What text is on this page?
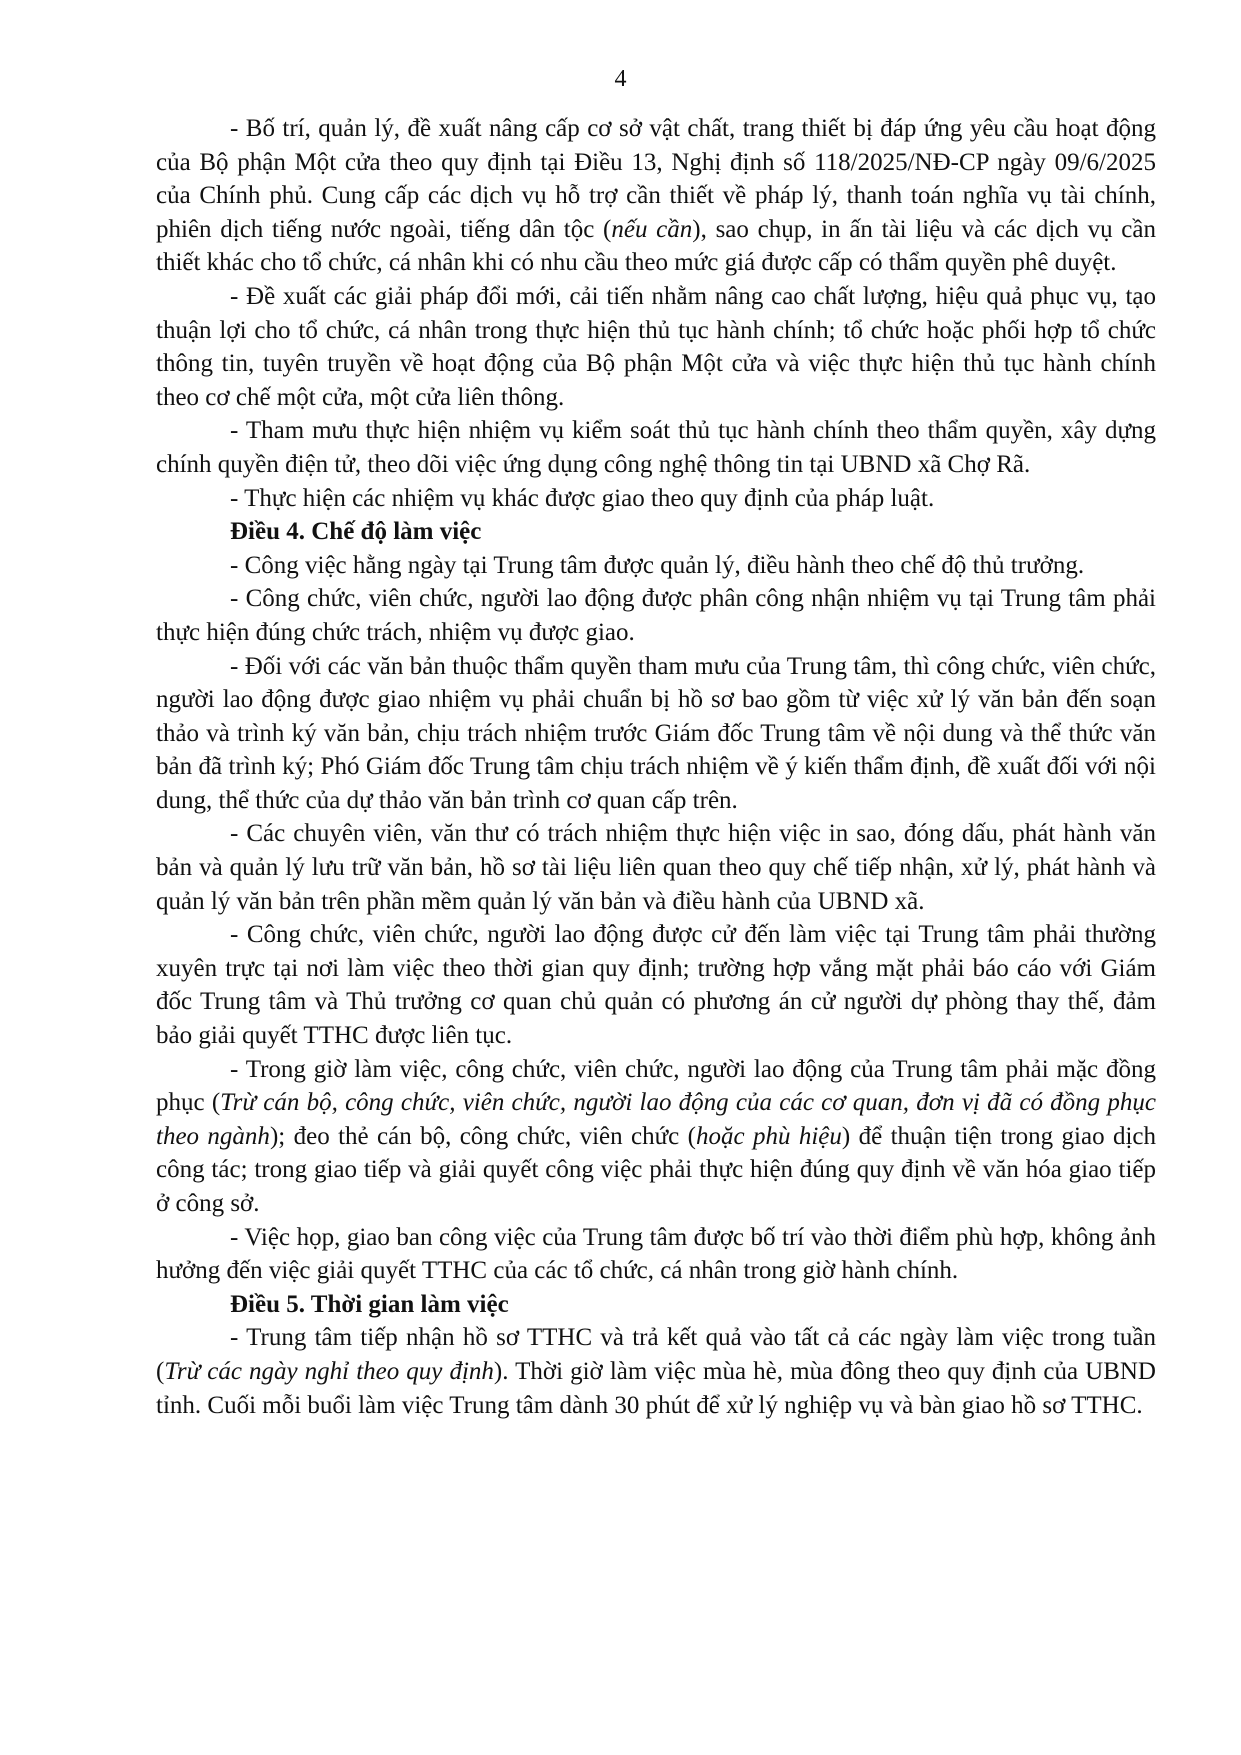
4

- Bố trí, quản lý, đề xuất nâng cấp cơ sở vật chất, trang thiết bị đáp ứng yêu cầu hoạt động của Bộ phận Một cửa theo quy định tại Điều 13, Nghị định số 118/2025/NĐ-CP ngày 09/6/2025 của Chính phủ. Cung cấp các dịch vụ hỗ trợ cần thiết về pháp lý, thanh toán nghĩa vụ tài chính, phiên dịch tiếng nước ngoài, tiếng dân tộc (nếu cần), sao chụp, in ấn tài liệu và các dịch vụ cần thiết khác cho tổ chức, cá nhân khi có nhu cầu theo mức giá được cấp có thẩm quyền phê duyệt.

- Đề xuất các giải pháp đổi mới, cải tiến nhằm nâng cao chất lượng, hiệu quả phục vụ, tạo thuận lợi cho tổ chức, cá nhân trong thực hiện thủ tục hành chính; tổ chức hoặc phối hợp tổ chức thông tin, tuyên truyền về hoạt động của Bộ phận Một cửa và việc thực hiện thủ tục hành chính theo cơ chế một cửa, một cửa liên thông.

- Tham mưu thực hiện nhiệm vụ kiểm soát thủ tục hành chính theo thẩm quyền, xây dựng chính quyền điện tử, theo dõi việc ứng dụng công nghệ thông tin tại UBND xã Chợ Rã.

- Thực hiện các nhiệm vụ khác được giao theo quy định của pháp luật.

Điều 4. Chế độ làm việc

- Công việc hằng ngày tại Trung tâm được quản lý, điều hành theo chế độ thủ trưởng.

- Công chức, viên chức, người lao động được phân công nhận nhiệm vụ tại Trung tâm phải thực hiện đúng chức trách, nhiệm vụ được giao.

- Đối với các văn bản thuộc thẩm quyền tham mưu của Trung tâm, thì công chức, viên chức, người lao động được giao nhiệm vụ phải chuẩn bị hồ sơ bao gồm từ việc xử lý văn bản đến soạn thảo và trình ký văn bản, chịu trách nhiệm trước Giám đốc Trung tâm về nội dung và thể thức văn bản đã trình ký; Phó Giám đốc Trung tâm chịu trách nhiệm về ý kiến thẩm định, đề xuất đối với nội dung, thể thức của dự thảo văn bản trình cơ quan cấp trên.

- Các chuyên viên, văn thư có trách nhiệm thực hiện việc in sao, đóng dấu, phát hành văn bản và quản lý lưu trữ văn bản, hồ sơ tài liệu liên quan theo quy chế tiếp nhận, xử lý, phát hành và quản lý văn bản trên phần mềm quản lý văn bản và điều hành của UBND xã.

- Công chức, viên chức, người lao động được cử đến làm việc tại Trung tâm phải thường xuyên trực tại nơi làm việc theo thời gian quy định; trường hợp vắng mặt phải báo cáo với Giám đốc Trung tâm và Thủ trưởng cơ quan chủ quản có phương án cử người dự phòng thay thế, đảm bảo giải quyết TTHC được liên tục.

- Trong giờ làm việc, công chức, viên chức, người lao động của Trung tâm phải mặc đồng phục (Trừ cán bộ, công chức, viên chức, người lao động của các cơ quan, đơn vị đã có đồng phục theo ngành); đeo thẻ cán bộ, công chức, viên chức (hoặc phù hiệu) để thuận tiện trong giao dịch công tác; trong giao tiếp và giải quyết công việc phải thực hiện đúng quy định về văn hóa giao tiếp ở công sở.

- Việc họp, giao ban công việc của Trung tâm được bố trí vào thời điểm phù hợp, không ảnh hưởng đến việc giải quyết TTHC của các tổ chức, cá nhân trong giờ hành chính.

Điều 5. Thời gian làm việc

- Trung tâm tiếp nhận hồ sơ TTHC và trả kết quả vào tất cả các ngày làm việc trong tuần (Trừ các ngày nghỉ theo quy định). Thời giờ làm việc mùa hè, mùa đông theo quy định của UBND tỉnh. Cuối mỗi buổi làm việc Trung tâm dành 30 phút để xử lý nghiệp vụ và bàn giao hồ sơ TTHC.
